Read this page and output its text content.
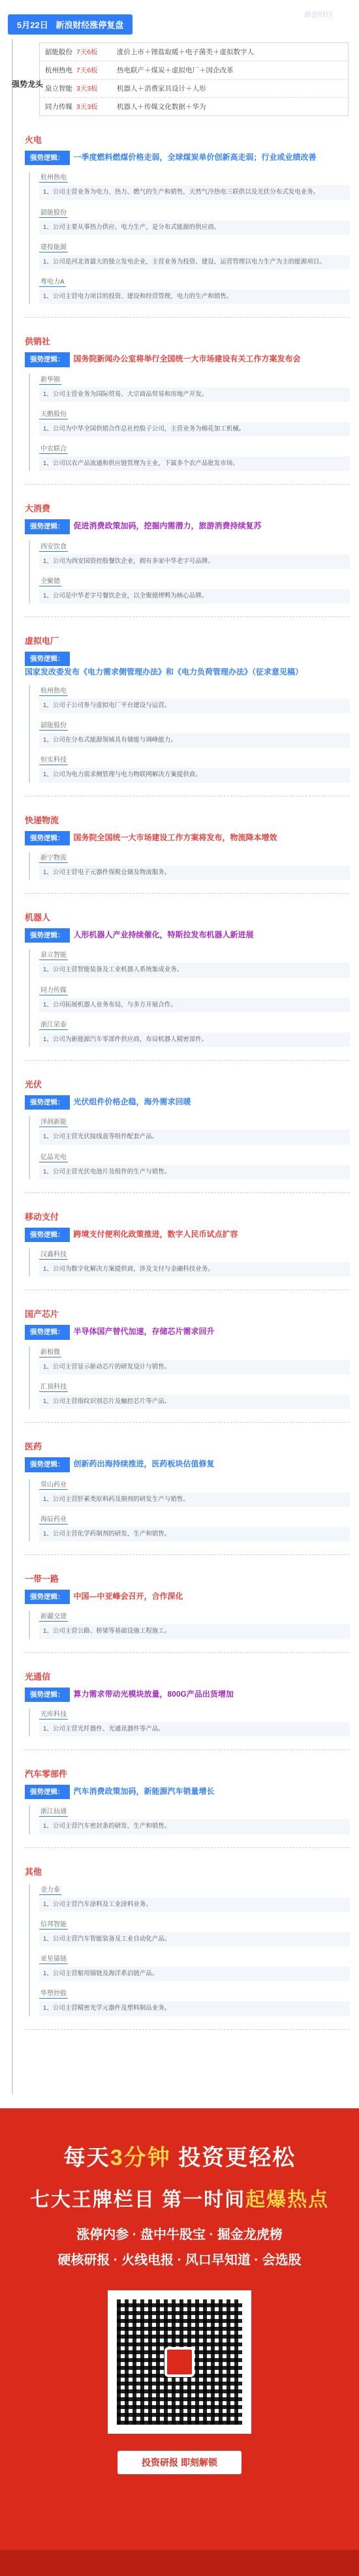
5月22日 新浪财经涨停复盘
新浪财经
强势龙头
韶能股份 7天6板	涨价上市＋锂盐取暖＋电子菌类＋虚拟数字人
杭州热电 7天6板	热电联产＋煤炭＋虚拟电厂＋国企改革
泉立智能 3天3板	机器人＋消费家具设计＋人形
同力传媒 3天3板	机器人＋传媒文化数据＋华为
火电
强势逻辑： 一季度燃料燃煤价格走弱，全球煤炭单价创新高走弱；行业或业绩改善
杭州热电
1、公司主营业务为电力、热力、燃气的生产和销售，天然气冷热电三联供以及光伏分布式发电业务。
韶能股份
1、公司主要从事热力供应、电力生产，是分布式能源的供应商。
建投能源
1、公司是河北省最大的独立发电企业，主营业务为投资、建设、运营管理以电力生产为主的能源项目。
粤电力A
1、公司主营电力项目的投资、建设和经营管理，电力的生产和销售。
供销社
强势逻辑： 国务院新闻办公室将举行全国统一大市场建设有关工作方案发布会
新华锦
1、公司主营业务为国际贸易、大宗商品贸易和房地产开发。
天鹅股份
1、公司为中华全国供销合作总社控股子公司，主营业务为棉花加工机械。
中农联合
1、公司以农产品流通和供应链管理为主业，下属多个农产品批发市场。
大消费
强势逻辑： 促进消费政策加码，挖掘内需潜力，旅游消费持续复苏
西安饮食
1、公司为西安国资控股餐饮企业，拥有多家中华老字号品牌。
全聚德
1、公司是中华老字号餐饮企业，以全聚德烤鸭为核心品牌。
虚拟电厂
强势逻辑：国家发改委发布《电力需求侧管理办法》和《电力负荷管理办法》（征求意见稿）
杭州热电
1、公司子公司参与虚拟电厂平台建设与运营。
韶能股份
1、公司在分布式能源领域具有储能与调峰能力。
恒实科技
1、公司为电力需求侧管理与电力物联网解决方案提供商。
快递物流
强势逻辑： 国务院全国统一大市场建设工作方案将发布，物流降本增效
新宁物流
1、公司主营电子元器件保税仓储及物流服务。
机器人
强势逻辑： 人形机器人产业持续催化，特斯拉发布机器人新进展
泉立智能
1、公司主营智能装备及工业机器人系统集成业务。
同力传媒
1、公司拓展机器人业务布局，与多方开展合作。
浙江荣泰
1、公司为新能源汽车零部件供应商，布局机器人精密部件。
光伏
强势逻辑： 光伏组件价格企稳，海外需求回暖
泽润新能
1、公司主营光伏接线盒等组件配套产品。
亿晶光电
1、公司主营光伏电池片及组件的生产与销售。
移动支付
强势逻辑： 跨境支付便利化政策推进，数字人民币试点扩容
汉鑫科技
1、公司为数字化解决方案提供商，涉及支付与金融科技业务。
国产芯片
强势逻辑： 半导体国产替代加速，存储芯片需求回升
新相微
1、公司主营显示驱动芯片的研发设计与销售。
汇顶科技
1、公司主营指纹识别芯片及触控芯片等产品。
医药
强势逻辑： 创新药出海持续推进，医药板块估值修复
常山药业
1、公司主营肝素类原料药及制剂的研发生产与销售。
海辰药业
1、公司主营化学药制剂的研发、生产和销售。
一带一路
强势逻辑： 中国—中亚峰会召开，合作深化
新疆交建
1、公司主营公路、桥梁等基础设施工程施工。
光通信
强势逻辑： 算力需求带动光模块放量，800G产品出货增加
光库科技
1、公司主营光纤器件、光通讯器件等产品。
汽车零部件
强势逻辑： 汽车消费政策加码，新能源汽车销量增长
浙江仙通
1、公司主营汽车密封条的研发、生产和销售。
其他
金力泰
1、公司主营汽车涂料及工业涂料业务。
信邦智能
1、公司主营汽车智能装备及工业自动化产品。
亚星锚链
1、公司主营船用锚链及海洋系泊链产品。
华塑控股
1、公司主营精密光学元器件及塑料制品业务。
每天3分钟 投资更轻松
七大王牌栏目 第一时间起爆热点
涨停内参 · 盘中牛股宝 · 掘金龙虎榜
硬核研报 · 火线电报 · 风口早知道 · 会选股
投资研报 即刻解锁
